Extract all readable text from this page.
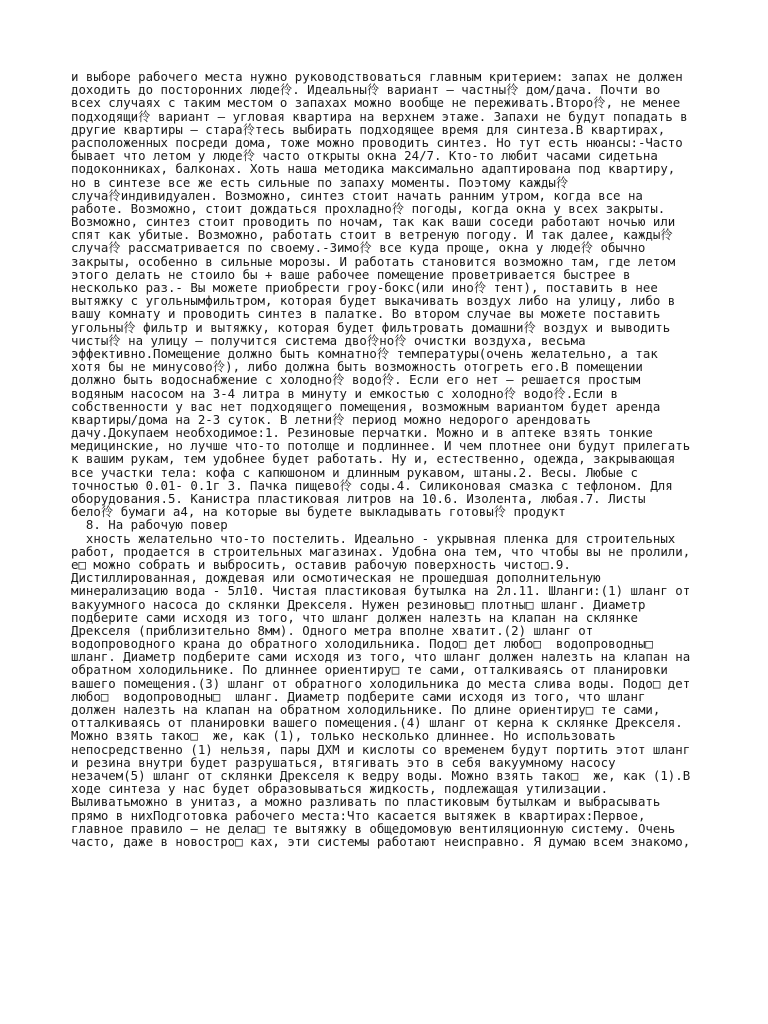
и выборе рабочего места нужно руководствоваться главным критерием: запах не должен
доходить до посторонних люде彾. Идеальны彾 вариант – частны彾 дом/дача. Почти во
всех случаях с таким местом о запахах можно вообще не переживать.Второ彾, не менее
подходящи彾 вариант – угловая квартира на верхнем этаже. Запахи не будут попадать в
другие квартиры – стара彾тесь выбирать подходящее время для синтеза.В квартирах,
расположенных посреди дома, тоже можно проводить синтез. Но тут есть нюансы:-Часто
бывает что летом у люде彾 часто открыты окна 24/7. Кто-то любит часами сидетьна
подоконниках, балконах. Хоть наша методика максимально адаптирована под квартиру,
но в синтезе все же есть сильные по запаху моменты. Поэтому кажды彾
случа彾индивидуален. Возможно, синтез стоит начать ранним утром, когда все на
работе. Возможно, стоит дождаться прохладно彾 погоды, когда окна у всех закрыты.
Возможно, синтез стоит проводить по ночам, так как ваши соседи работают ночью или
спят как убитые. Возможно, работать стоит в ветреную погоду. И так далее, кажды彾
случа彾 рассматривается по своему.-Зимо彾 все куда проще, окна у люде彾 обычно
закрыты, особенно в сильные морозы. И работать становится возможно там, где летом
этого делать не стоило бы + ваше рабочее помещение проветривается быстрее в
несколько раз.- Вы можете приобрести гроу-бокс(или ино彾 тент), поставить в нее
вытяжку с угольнымфильтром, которая будет выкачивать воздух либо на улицу, либо в
вашу комнату и проводить синтез в палатке. Во втором случае вы можете поставить
угольны彾 фильтр и вытяжку, которая будет фильтровать домашни彾 воздух и выводить
чисты彾 на улицу – получится система дво彾но彾 очистки воздуха, весьма
эффективно.Помещение должно быть комнатно彾 температуры(очень желательно, а так
хотя бы не минусово彾), либо должна быть возможность отогреть его.В помещении
должно быть водоснабжение с холодно彾 водо彾. Если его нет – решается простым
водяным насосом на 3-4 литра в минуту и емкостью с холодно彾 водо彾.Если в
собственности у вас нет подходящего помещения, возможным вариантом будет аренда
квартиры/дома на 2-3 суток. В летни彾 период можно недорого арендовать
дачу.Докупаем необходимое:1. Резиновые перчатки. Можно и в аптеке взять тонкие
медицинские, но лучше что-то потолще и подлиннее. И чем плотнее они будут прилегать
к вашим рукам, тем удобнее будет работать. Ну и, естественно, одежда, закрывающая
все участки тела: кофа с капюшоном и длинным рукавом, штаны.2. Весы. Любые с
точностью 0.01- 0.1г 3. Пачка пищево彾 соды.4. Силиконовая смазка с тефлоном. Для
оборудования.5. Канистра пластиковая литров на 10.6. Изолента, любая.7. Листы
бело彾 бумаги а4, на которые вы будете выкладывать готовы彾 продукт
8. На рабочую повер
хность желательно что-то постелить. Идеально - укрывная пленка для строительных
работ, продается в строительных магазинах. Удобна она тем, что чтобы вы не пролили,
е□ можно собрать и выбросить, оставив рабочую поверхность чисто□.9.
Дистиллированная, дождевая или осмотическая не прошедшая дополнительную
минерализацию вода - 5л10. Чистая пластиковая бутылка на 2л.11. Шланги:(1) шланг от
вакуумного насоса до склянки Дрекселя. Нужен резиновы□ плотны□ шланг. Диаметр
подберите сами исходя из того, что шланг должен налезть на клапан на склянке
Дрекселя (приблизительно 8мм). Одного метра вполне хватит.(2) шланг от
водопроводного крана до обратного холодильника. Подо□ дет любо□  водопроводны□
шланг. Диаметр подберите сами исходя из того, что шланг должен налезть на клапан на
обратном холодильнике. По длиннее ориентиру□ те сами, отталкиваясь от планировки
вашего помещения.(3) шланг от обратного холодильника до места слива воды. Подо□ дет
любо□  водопроводны□  шланг. Диаметр подберите сами исходя из того, что шланг
должен налезть на клапан на обратном холодильнике. По длине ориентиру□ те сами,
отталкиваясь от планировки вашего помещения.(4) шланг от керна к склянке Дрекселя.
Можно взять тако□  же, как (1), только несколько длиннее. Но использовать
непосредственно (1) нельзя, пары ДХМ и кислоты со временем будут портить этот шланг
и резина внутри будет разрушаться, втягивать это в себя вакуумному насосу
незачем(5) шланг от склянки Дрекселя к ведру воды. Можно взять тако□  же, как (1).В
ходе синтеза у нас будет образовываться жидкость, подлежащая утилизации.
Выливатьможно в унитаз, а можно разливать по пластиковым бутылкам и выбрасывать
прямо в нихПодготовка рабочего места:Что касается вытяжек в квартирах:Первое,
главное правило – не дела□ те вытяжку в общедомовую вентиляционную систему. Очень
часто, даже в новостро□ ках, эти системы работают неисправно. Я думаю всем знакомо,
